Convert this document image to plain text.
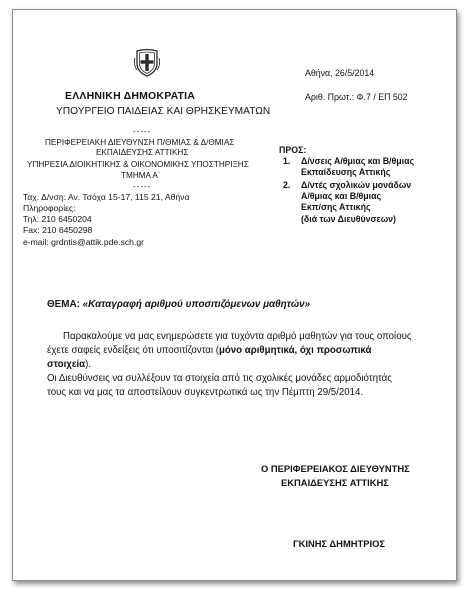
ΕΛΛΗΝΙΚΗ ΔΗΜΟΚΡΑΤΙΑ
ΥΠΟΥΡΓΕΙΟ ΠΑΙΔΕΙΑΣ ΚΑΙ ΘΡΗΣΚΕΥΜΑΤΩΝ
-----
ΠΕΡΙΦΕΡΕΙΑΚΗ ΔΙΕΥΘΥΝΣΗ Π/ΘΜΙΑΣ & Δ/ΘΜΙΑΣ
ΕΚΠΑΙΔΕΥΣΗΣ ΑΤΤΙΚΗΣ
ΥΠΗΡΕΣΙΑ ΔΙΟΙΚΗΤΙΚΗΣ & ΟΙΚΟΝΟΜΙΚΗΣ ΥΠΟΣΤΗΡΙΞΗΣ
ΤΜΗΜΑ Α΄
-----
Ταχ. Δ/νση: Αν. Τσόχα 15-17, 115 21, Αθήνα
Πληροφορίες:
Τηλ: 210 6450204
Fax: 210 6450298
e-mail: grdntis@attik.pde.sch.gr
Αθήνα, 26/5/2014
Αριθ. Πρωτ.: Φ.7 / ΕΠ 502
ΠΡΟΣ:
1. Δ/νσεις Α/θμιας και Β/θμιας
Εκπαίδευσης Αττικής
2. Δ/ντές σχολικών μονάδων
Α/θμιας και Β/θμιας
Εκπ/σης Αττικής
(διά των Διευθύνσεων)
ΘΕΜΑ: «Καταγραφή αριθμού υποσιτιζόμενων μαθητών»
Παρακαλούμε να μας ενημερώσετε για τυχόντα αριθμό μαθητών για τους οποίους
έχετε σαφείς ενδείξεις ότι υποσιτίζονται (μόνο αριθμητικά, όχι προσωπικά
στοιχεία).
Οι Διευθύνσεις να συλλέξουν τα στοιχεία από τις σχολικές μονάδες αρμοδιότητάς
τους και να μας τα αποστείλουν συγκεντρωτικά ως την Πέμπτη 29/5/2014.
Ο ΠΕΡΙΦΕΡΕΙΑΚΟΣ ΔΙΕΥΘΥΝΤΗΣ
ΕΚΠΑΙΔΕΥΣΗΣ ΑΤΤΙΚΗΣ
ΓΚΙΝΗΣ ΔΗΜΗΤΡΙΟΣ
